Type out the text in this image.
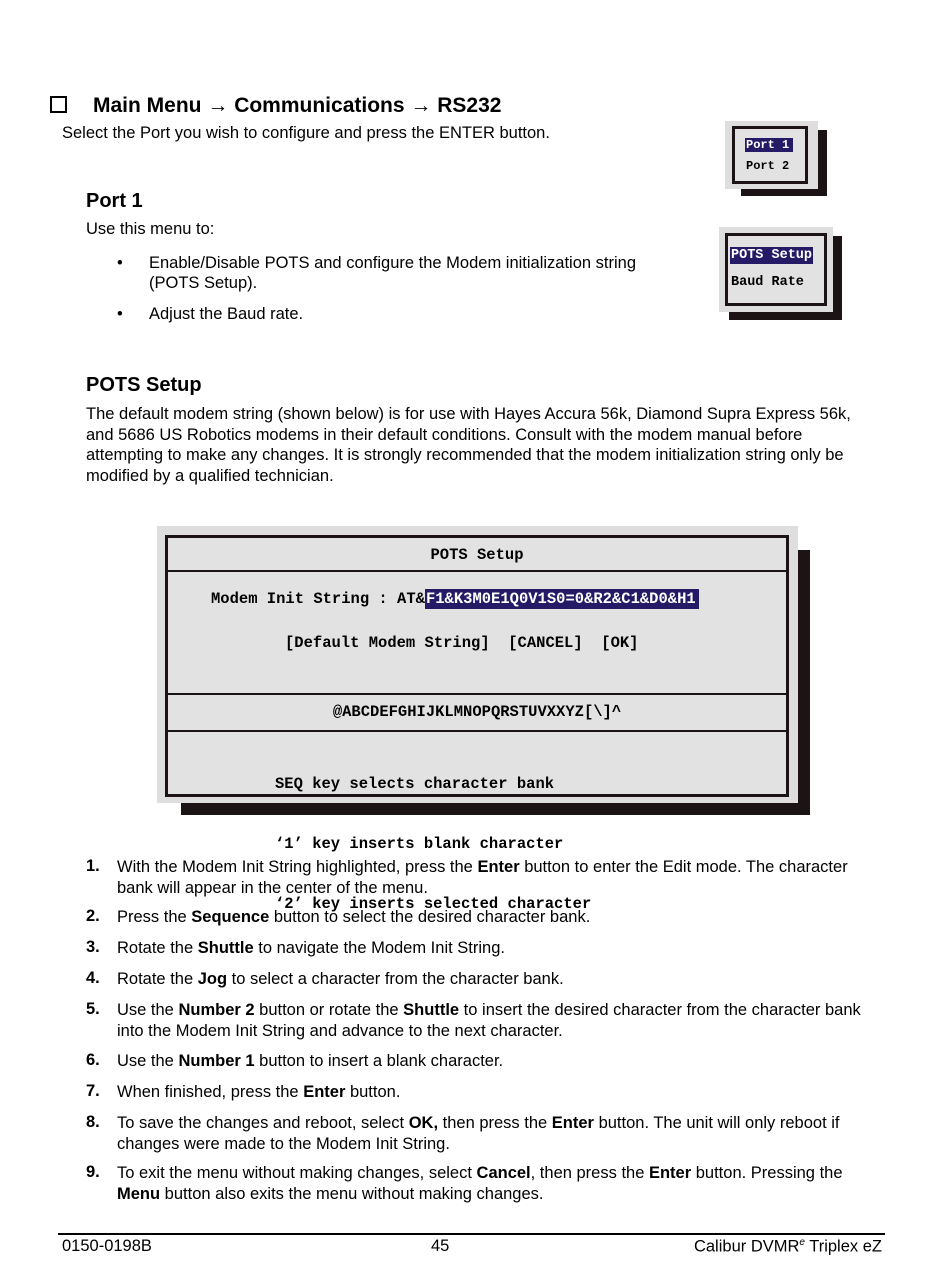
Main Menu → Communications → RS232
Select the Port you wish to configure and press the ENTER button.
Port 1
Port 2
Port 1
Use this menu to:
• Enable/Disable POTS and configure the Modem initialization string (POTS Setup).
• Adjust the Baud rate.
POTS Setup
Baud Rate
POTS Setup
The default modem string (shown below) is for use with Hayes Accura 56k, Diamond Supra Express 56k, and 5686 US Robotics modems in their default conditions. Consult with the modem manual before attempting to make any changes. It is strongly recommended that the modem initialization string only be modified by a qualified technician.
POTS Setup
Modem Init String : AT&F1&K3M0E1Q0V1S0=0&R2&C1&D0&H1
[Default Modem String] [CANCEL] [OK]
@ABCDEFGHIJKLMNOPQRSTUVXXYZ[\]^

SEQ key selects character bank

‘1’ key inserts blank character

‘2’ key inserts selected character

1. With the Modem Init String highlighted, press the Enter button to enter the Edit mode. The character bank will appear in the center of the menu.
2. Press the Sequence button to select the desired character bank.
3. Rotate the Shuttle to navigate the Modem Init String.
4. Rotate the Jog to select a character from the character bank.
5. Use the Number 2 button or rotate the Shuttle to insert the desired character from the character bank into the Modem Init String and advance to the next character.
6. Use the Number 1 button to insert a blank character.
7. When finished, press the Enter button.
8. To save the changes and reboot, select OK, then press the Enter button. The unit will only reboot if changes were made to the Modem Init String.
9. To exit the menu without making changes, select Cancel, then press the Enter button. Pressing the Menu button also exits the menu without making changes.
0150-0198B	45	Calibur DVMR$^e$ Triplex eZ
